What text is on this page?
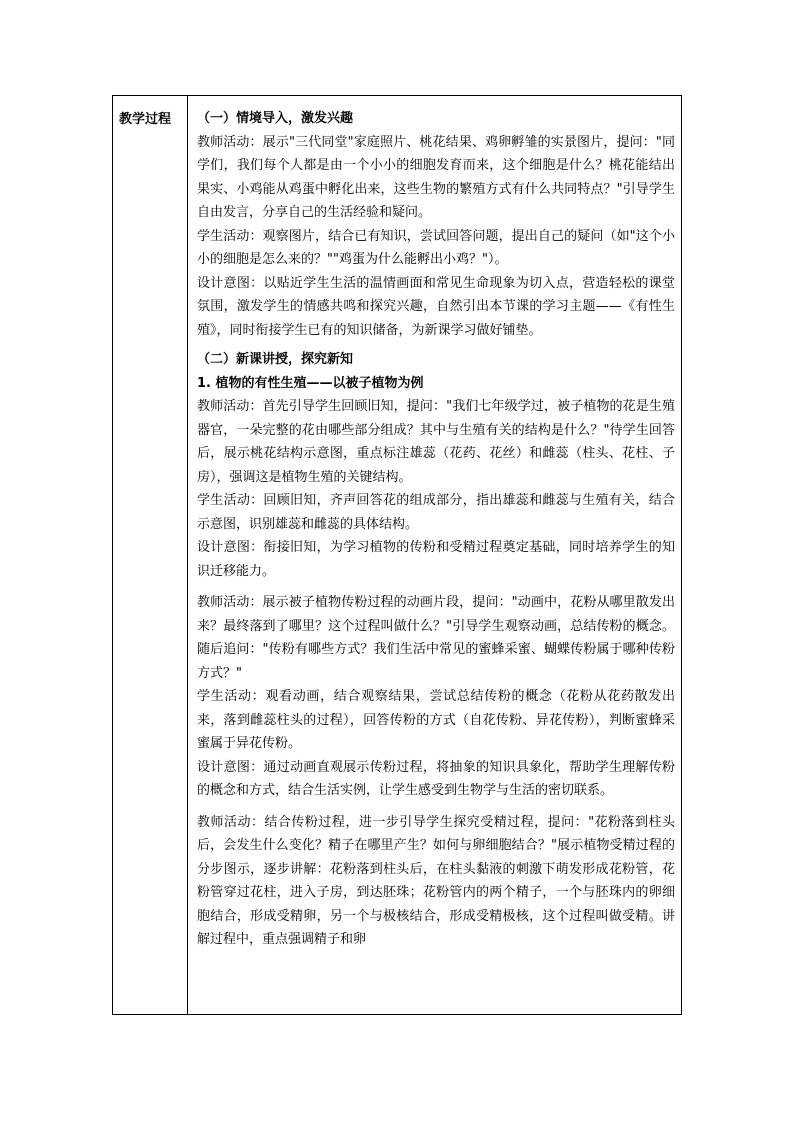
教学过程 （一）情境导入，激发兴趣

教师活动：展示"三代同堂"家庭照片、桃花结果、鸡卵孵雏的实景图片，提问："同学们，我们每个人都是由一个小小的细胞发育而来，这个细胞是什么？桃花能结出果实、小鸡能从鸡蛋中孵化出来，这些生物的繁殖方式有什么共同特点？"引导学生自由发言，分享自己的生活经验和疑问。

学生活动：观察图片，结合已有知识，尝试回答问题，提出自己的疑问（如"这个小小的细胞是怎么来的？""鸡蛋为什么能孵出小鸡？"）。

设计意图：以贴近学生生活的温情画面和常见生命现象为切入点，营造轻松的课堂氛围，激发学生的情感共鸣和探究兴趣，自然引出本节课的学习主题——《有性生殖》，同时衔接学生已有的知识储备，为新课学习做好铺垫。

（二）新课讲授，探究新知

1. 植物的有性生殖——以被子植物为例

教师活动：首先引导学生回顾旧知，提问："我们七年级学过，被子植物的花是生殖器官，一朵完整的花由哪些部分组成？其中与生殖有关的结构是什么？"待学生回答后，展示桃花结构示意图，重点标注雄蕊（花药、花丝）和雌蕊（柱头、花柱、子房），强调这是植物生殖的关键结构。

学生活动：回顾旧知，齐声回答花的组成部分，指出雄蕊和雌蕊与生殖有关，结合示意图，识别雄蕊和雌蕊的具体结构。

设计意图：衔接旧知，为学习植物的传粉和受精过程奠定基础，同时培养学生的知识迁移能力。

教师活动：展示被子植物传粉过程的动画片段，提问："动画中，花粉从哪里散发出来？最终落到了哪里？这个过程叫做什么？"引导学生观察动画，总结传粉的概念。随后追问："传粉有哪些方式？我们生活中常见的蜜蜂采蜜、蝴蝶传粉属于哪种传粉方式？"

学生活动：观看动画，结合观察结果，尝试总结传粉的概念（花粉从花药散发出来，落到雌蕊柱头的过程），回答传粉的方式（自花传粉、异花传粉），判断蜜蜂采蜜属于异花传粉。

设计意图：通过动画直观展示传粉过程，将抽象的知识具象化，帮助学生理解传粉的概念和方式，结合生活实例，让学生感受到生物学与生活的密切联系。

教师活动：结合传粉过程，进一步引导学生探究受精过程，提问："花粉落到柱头后，会发生什么变化？精子在哪里产生？如何与卵细胞结合？"展示植物受精过程的分步图示，逐步讲解：花粉落到柱头后，在柱头黏液的刺激下萌发形成花粉管，花粉管穿过花柱，进入子房，到达胚珠；花粉管内的两个精子，一个与胚珠内的卵细胞结合，形成受精卵，另一个与极核结合，形成受精极核，这个过程叫做受精。讲解过程中，重点强调精子和卵
